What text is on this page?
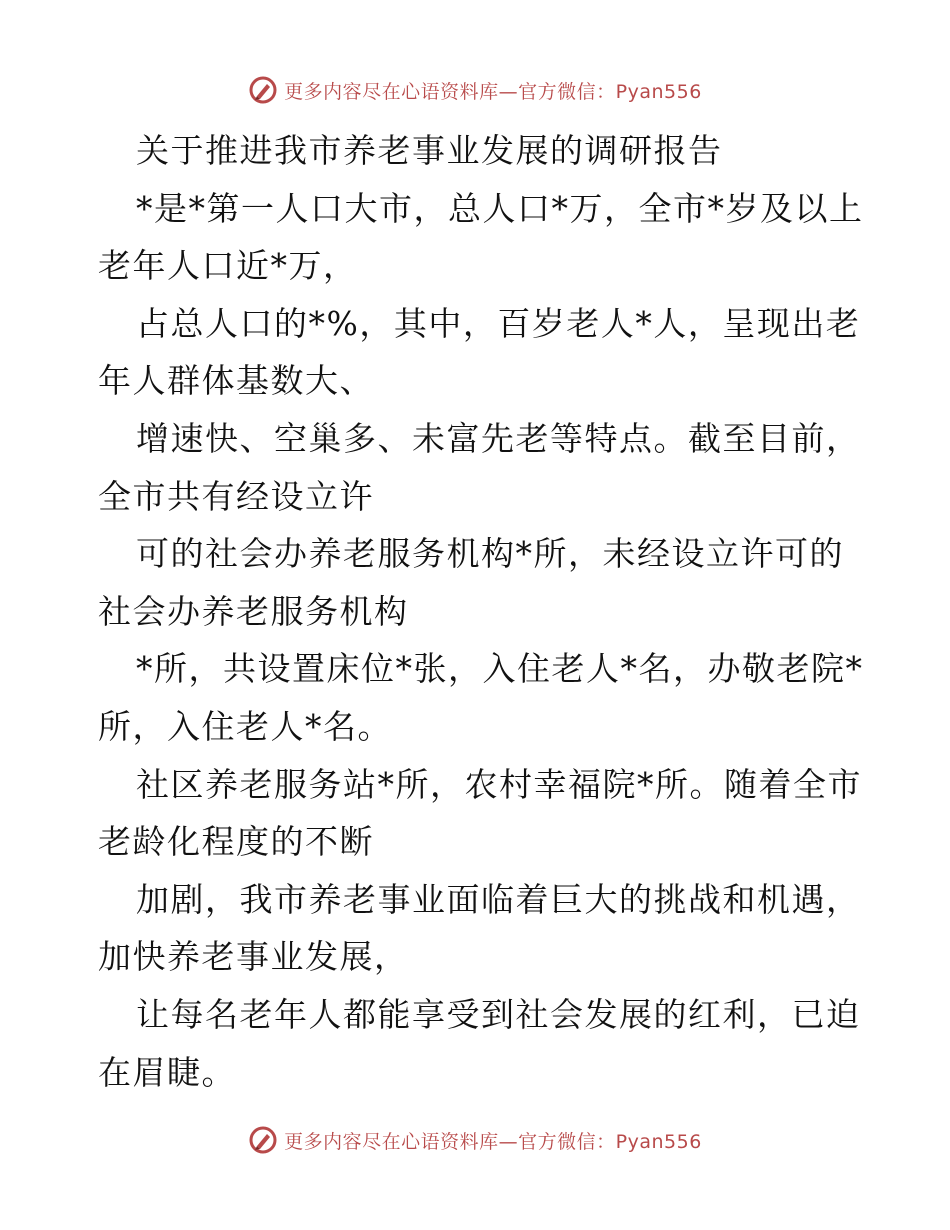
更多内容尽在心语资料库—官方微信：Pyan556
关于推进我市养老事业发展的调研报告
*是*第一人口大市，总人口*万，全市*岁及以上
老年人口近*万，
占总人口的*%，其中，百岁老人*人，呈现出老
年人群体基数大、
增速快、空巢多、未富先老等特点。截至目前，
全市共有经设立许
可的社会办养老服务机构*所，未经设立许可的
社会办养老服务机构
*所，共设置床位*张，入住老人*名，办敬老院*
所，入住老人*名。
社区养老服务站*所，农村幸福院*所。随着全市
老龄化程度的不断
加剧，我市养老事业面临着巨大的挑战和机遇，
加快养老事业发展，
让每名老年人都能享受到社会发展的红利，已迫
在眉睫。
更多内容尽在心语资料库—官方微信：Pyan556
